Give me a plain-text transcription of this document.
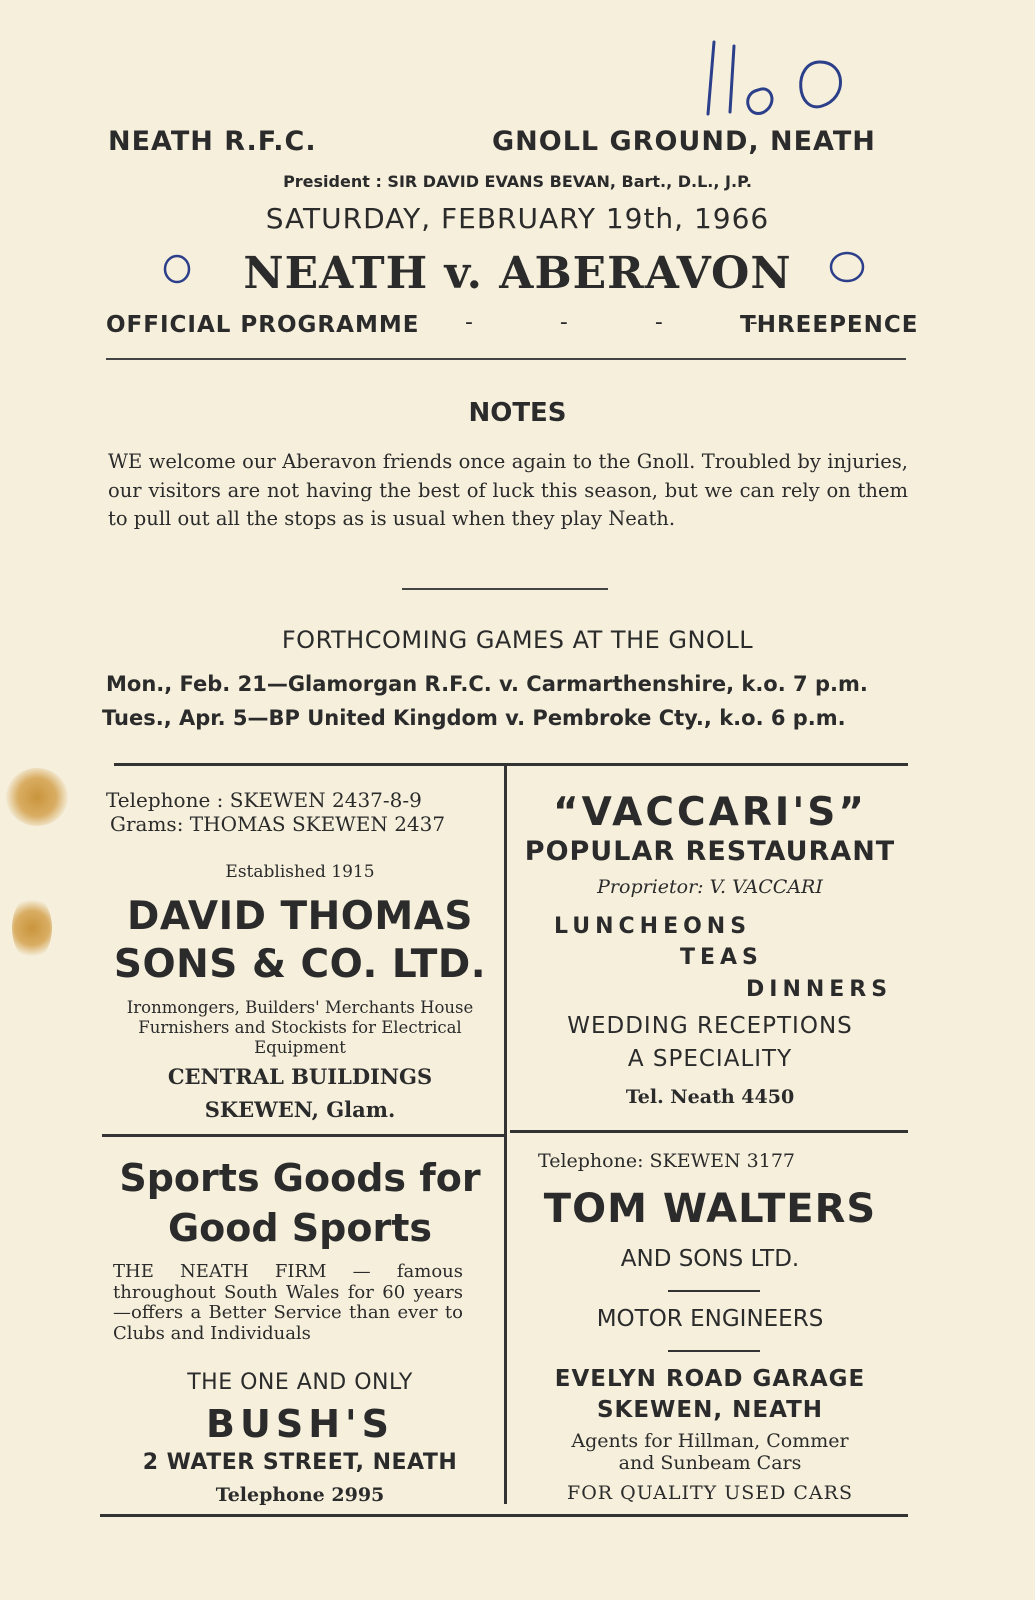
NEATH R.F.C.	GNOLL GROUND, NEATH
President : SIR DAVID EVANS BEVAN, Bart., D.L., J.P.
SATURDAY, FEBRUARY 19th, 1966
NEATH v. ABERAVON
OFFICIAL PROGRAMME - - - -
THREEPENCE
NOTES
WE welcome our Aberavon friends once again to the Gnoll. Troubled by injuries, our visitors are not having the best of luck this season, but we can rely on them to pull out all the stops as is usual when they play Neath.
FORTHCOMING GAMES AT THE GNOLL
Mon., Feb. 21—Glamorgan R.F.C. v. Carmarthenshire, k.o. 7 p.m.
Tues., Apr. 5—BP United Kingdom v. Pembroke Cty., k.o. 6 p.m.
Telephone : SKEWEN 2437-8-9
Grams: THOMAS SKEWEN 2437
Established 1915
DAVID THOMAS
SONS & CO. LTD.
Ironmongers, Builders' Merchants House Furnishers and Stockists for Electrical Equipment
CENTRAL BUILDINGS
SKEWEN, Glam.
“VACCARI'S”
POPULAR RESTAURANT
Proprietor: V. VACCARI
LUNCHEONS
TEAS
DINNERS
WEDDING RECEPTIONS
A SPECIALITY
Tel. Neath 4450
Sports Goods for
Good Sports
THE NEATH FIRM — famous throughout South Wales for 60 years—offers a Better Service than ever to Clubs and Individuals
THE ONE AND ONLY
BUSH'S
2 WATER STREET, NEATH
Telephone 2995
Telephone: SKEWEN 3177
TOM WALTERS
AND SONS LTD.
MOTOR ENGINEERS
EVELYN ROAD GARAGE
SKEWEN, NEATH
Agents for Hillman, Commer
and Sunbeam Cars
FOR QUALITY USED CARS
